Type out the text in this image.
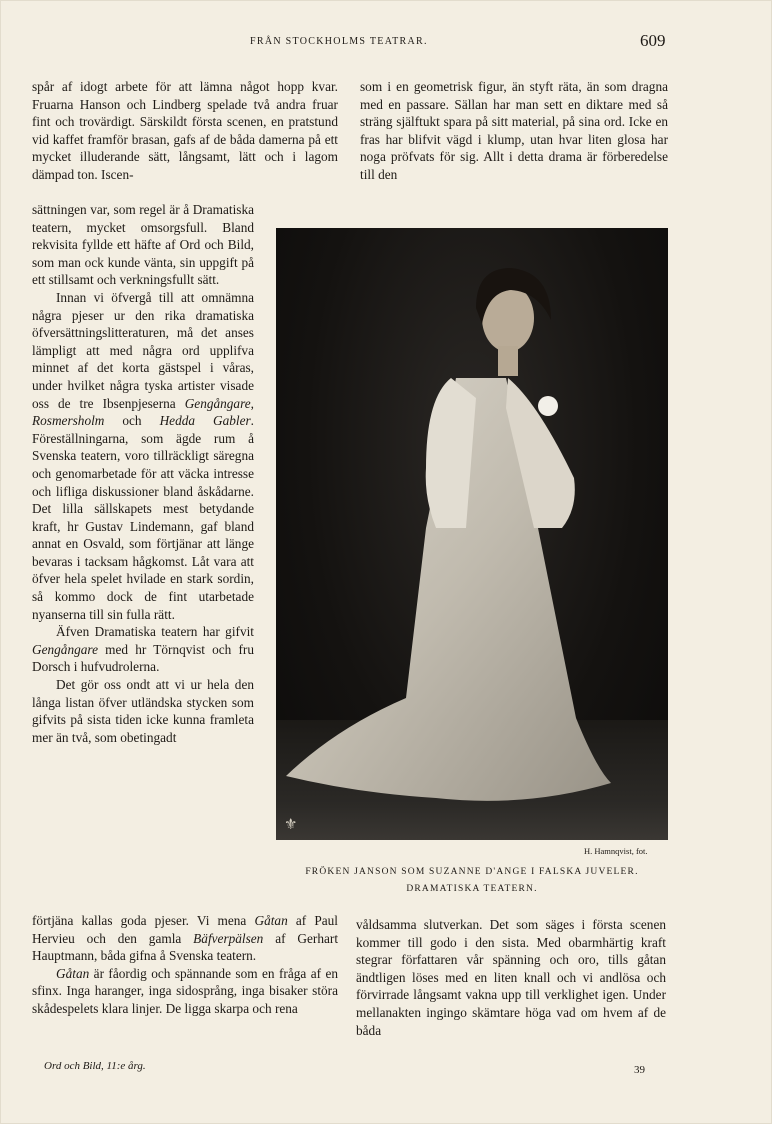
FRÅN STOCKHOLMS TEATRAR.	609

spår af idogt arbete för att lämna något hopp kvar. Fruarna Hanson och Lindberg spelade två andra fruar fint och trovärdigt. Särskildt första scenen, en pratstund vid kaffet framför brasan, gafs af de båda damerna på ett mycket illuderande sätt, långsamt, lätt och i lagom dämpad ton. Iscen-

sättningen var, som regel är å Dramatiska teatern, mycket omsorgsfull. Bland rekvisita fyllde ett häfte af Ord och Bild, som man ock kunde vänta, sin uppgift på ett stillsamt och verkningsfullt sätt.

Innan vi öfvergå till att omnämna några pjeser ur den rika dramatiska öfversättningslitteraturen, må det anses lämpligt att med några ord upplifva minnet af det korta gästspel i våras, under hvilket några tyska artister visade oss de tre Ibsenpjeserna Gengångare, Rosmersholm och Hedda Gabler. Föreställningarna, som ägde rum å Svenska teatern, voro tillräckligt säregna och genomarbetade för att väcka intresse och lifliga diskussioner bland åskådarne. Det lilla sällskapets mest betydande kraft, hr Gustav Lindemann, gaf bland annat en Osvald, som förtjänar att länge bevaras i tacksam hågkomst. Låt vara att öfver hela spelet hvilade en stark sordin, så kommo dock de fint utarbetade nyanserna till sin fulla rätt.

Äfven Dramatiska teatern har gifvit Gengångare med hr Törnqvist och fru Dorsch i hufvudrolerna.

Det gör oss ondt att vi ur hela den långa listan öfver utländska stycken som gifvits på sista tiden icke kunna framleta mer än två, som obetingadt

förtjäna kallas goda pjeser. Vi mena Gåtan af Paul Hervieu och den gamla Bäfverpälsen af Gerhart Hauptmann, båda gifna å Svenska teatern.

Gåtan är fåordig och spännande som en fråga af en sfinx. Inga haranger, inga sidosprång, inga bisaker störa skådespelets klara linjer. De ligga skarpa och rena

som i en geometrisk figur, än styft räta, än som dragna med en passare. Sällan har man sett en diktare med så sträng själftukt spara på sitt material, på sina ord. Icke en fras har blifvit vägd i klump, utan hvar liten glosa har noga pröfvats för sig. Allt i detta drama är förberedelse till den

⚜
H. Hamnqvist, fot.
FRÖKEN JANSON SOM SUZANNE D'ANGE I FALSKA JUVELER.
DRAMATISKA TEATERN.

våldsamma slutverkan. Det som säges i första scenen kommer till godo i den sista. Med obarmhärtig kraft stegrar författaren vår spänning och oro, tills gåtan ändtligen löses med en liten knall och vi andlösa och förvirrade långsamt vakna upp till verklighet igen. Under mellanakten ingingo skämtare höga vad om hvem af de båda

Ord och Bild, 11:e årg.	39
